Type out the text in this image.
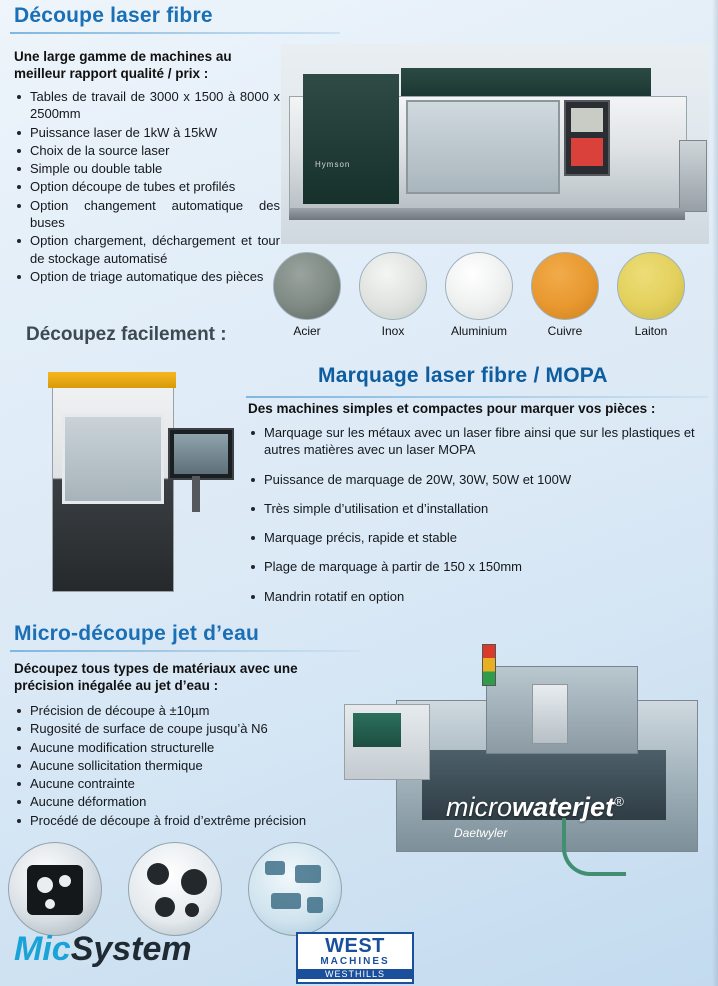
Découpe laser fibre
Une large gamme de machines au meilleur rapport qualité / prix :
Tables de travail de 3000 x 1500 à 8000 x 2500mm
Puissance laser de 1kW à 15kW
Choix de la source laser
Simple ou double table
Option découpe de tubes et profilés
Option changement automatique des buses
Option chargement, déchargement et tour de stockage automatisé
Option de triage automatique des pièces
Hymson
Acier	Inox	Aluminium	Cuivre	Laiton
Découpez facilement :
Marquage laser fibre / MOPA
Des machines simples et compactes pour marquer vos pièces :
Marquage sur les métaux avec un laser fibre ainsi que sur les plastiques et autres matières avec un laser MOPA
Puissance de marquage de 20W, 30W, 50W et 100W
Très simple d’utilisation et d’installation
Marquage précis, rapide et stable
Plage de marquage à partir de 150 x 150mm
Mandrin rotatif en option
Micro-découpe jet d’eau
Découpez tous types de matériaux avec une précision inégalée au jet d’eau :
Précision de découpe à ±10µm
Rugosité de surface de coupe jusqu’à N6
Aucune modification structurelle
Aucune sollicitation thermique
Aucune contrainte
Aucune déformation
Procédé de découpe à froid d’extrême précision	microwaterjet®
Daetwyler
MicSystem	WEST
MACHINES
WESTHILLS
